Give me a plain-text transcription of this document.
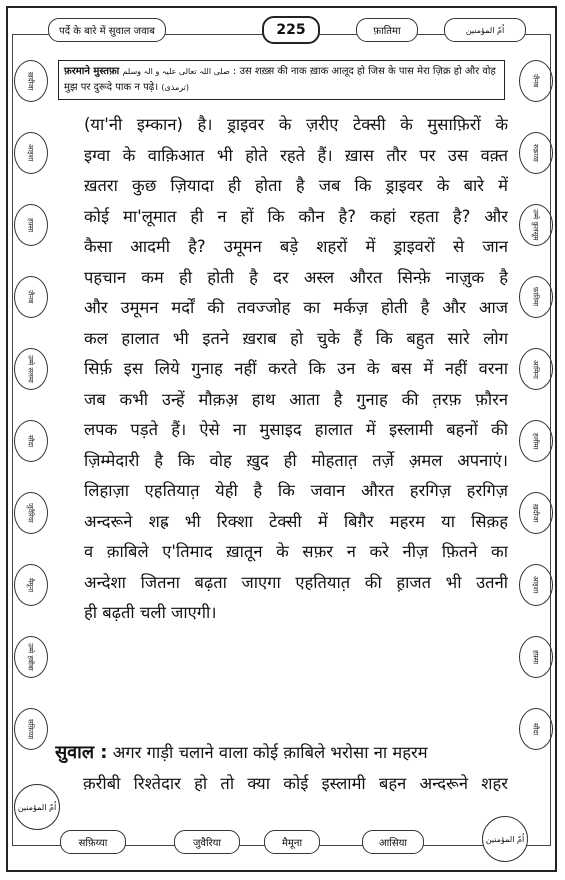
पर्दे के बारे में सुवाल जवाब	225	फ़ातिमा	اُمّ المؤمنین
ख़दीजा
आइशा
हफ़्सा
ज़ैनब
उम्मे सलमा
सौदा
जुवैरिया
मैमूना
उम्मे हबीबा
सफ़िय्या
ज़ैनब
रुक़य्या
उम्मे कुलसूम
फ़ातिमा
आमिना
हलीमा
ख़दीजा
आइशा
हफ़्सा
सौदा
फ़रमाने मुस्तफ़ा صلی اللہ تعالی علیہ و الہ وسلم : उस शख़्स की नाक ख़ाक आलूद हो जिस के पास मेरा ज़िक्र हो और वोह मुझ पर दुरूदे पाक न पढ़े। (ترمذی)
(या'नी इम्कान) है। ड्राइवर के ज़रीए टेक्सी के मुसाफ़िरों के
इग्वा के वाक़िआत भी होते रहते हैं। ख़ास तौर पर उस वक़्त
ख़तरा कुछ ज़ियादा ही होता है जब कि ड्राइवर के बारे में
कोई मा'लूमात ही न हों कि कौन है? कहां रहता है? और
कैसा आदमी है? उमूमन बड़े शहरों में ड्राइवरों से जान
पहचान कम ही होती है दर अस्ल औरत सिन्फ़े नाज़ुक है
और उमूमन मर्दों की तवज्जोह का मर्कज़ होती है और आज
कल हालात भी इतने ख़राब हो चुके हैं कि बहुत सारे लोग
सिर्फ़ इस लिये गुनाह नहीं करते कि उन के बस में नहीं वरना
जब कभी उन्हें मौक़अ़ हाथ आता है गुनाह की त़रफ़ फ़ौरन
लपक पड़ते हैं। ऐसे ना मुसाइद हालात में इस्लामी बहनों की
ज़िम्मेदारी है कि वोह ख़ुद ही मोहतात़ तर्ज़े अ़मल अपनाएं।
लिहाज़ा एहतियात़ येही है कि जवान औरत हरगिज़ हरगिज़
अन्दरूने शह्र भी रिक्शा टेक्सी में बिग़ैर महरम या सिक़ह
व क़ाबिले ए'तिमाद ख़ातून के सफ़र न करे नीज़ फ़ितने का
अन्देशा जितना बढ़ता जाएगा एहतियात़ की ह़ाजत भी उतनी
ही बढ़ती चली जाएगी।
सुवाल : अगर गाड़ी चलाने वाला कोई क़ाबिले भरोसा ना महरम
क़रीबी रिश्तेदार हो तो क्या कोई इस्लामी बहन अन्दरूने शहर
اُمّ المؤمنین
सफ़िय्या	जुवैरिया	मैमूना	आसिया	اُمّ المؤمنین
